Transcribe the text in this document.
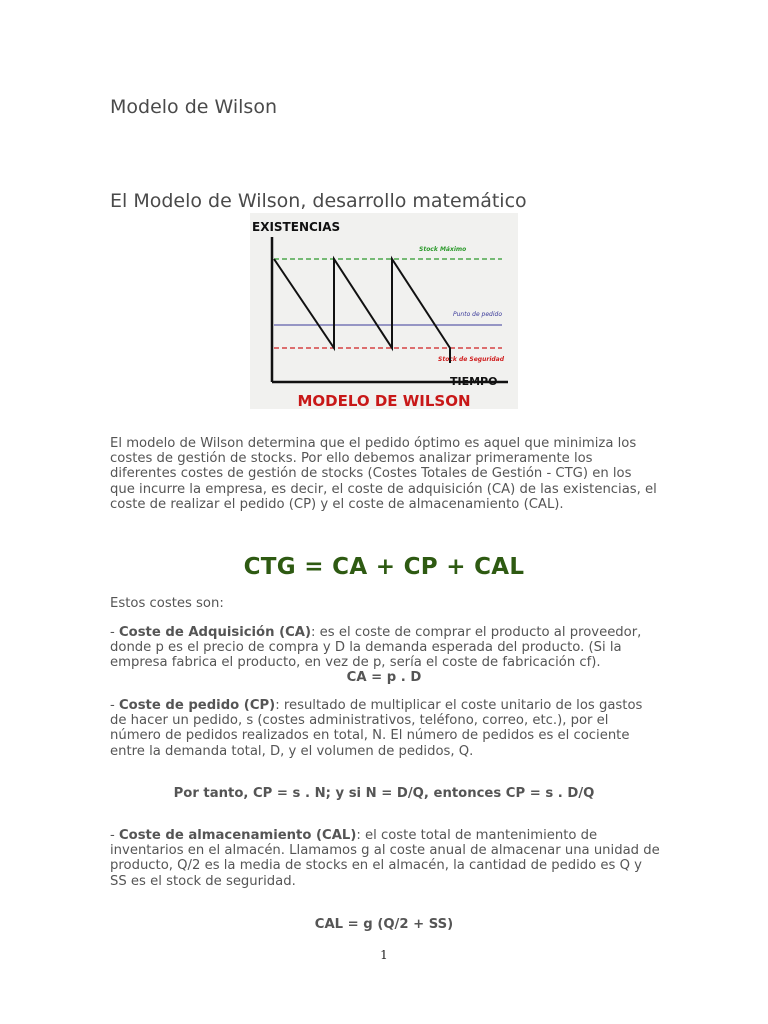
Modelo de Wilson
El Modelo de Wilson, desarrollo matemático
EXISTENCIAS
TIEMPO
Stock Máximo
Punto de pedido
Stock de Seguridad
MODELO DE WILSON
El modelo de Wilson determina que el pedido óptimo es aquel que minimiza los costes de gestión de stocks. Por ello debemos analizar primeramente los diferentes costes de gestión de stocks (Costes Totales de Gestión - CTG) en los que incurre la empresa, es decir, el coste de adquisición (CA) de las existencias, el coste de realizar el pedido (CP) y el coste de almacenamiento (CAL).
CTG = CA + CP + CAL
Estos costes son:
- Coste de Adquisición (CA): es el coste de comprar el producto al proveedor, donde p es el precio de compra y D la demanda esperada del producto. (Si la empresa fabrica el producto, en vez de p, sería el coste de fabricación cf).
CA = p . D
- Coste de pedido (CP): resultado de multiplicar el coste unitario de los gastos de hacer un pedido, s (costes administrativos, teléfono, correo, etc.), por el número de pedidos realizados en total, N. El número de pedidos es el cociente entre la demanda total, D, y el volumen de pedidos, Q.
Por tanto, CP = s . N; y si N = D/Q, entonces CP = s . D/Q
- Coste de almacenamiento (CAL): el coste total de mantenimiento de inventarios en el almacén. Llamamos g al coste anual de almacenar una unidad de producto, Q/2 es la media de stocks en el almacén, la cantidad de pedido es Q y SS es el stock de seguridad.
CAL = g (Q/2 + SS)
1
